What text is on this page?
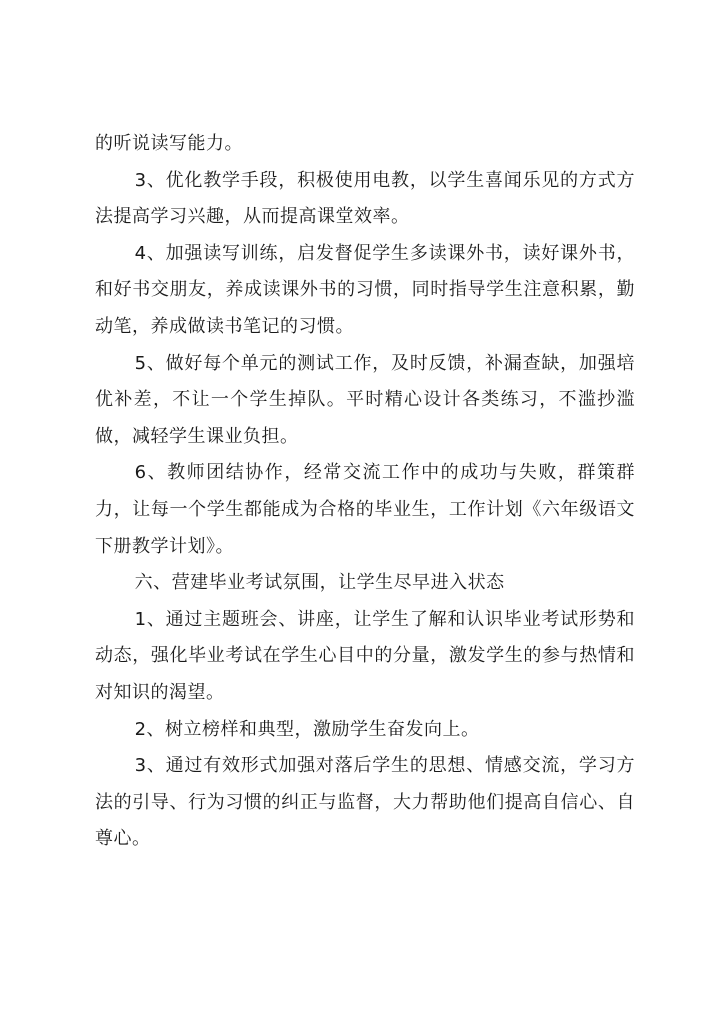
的听说读写能力。

3、优化教学手段，积极使用电教，以学生喜闻乐见的方式方法提高学习兴趣，从而提高课堂效率。

4、加强读写训练，启发督促学生多读课外书，读好课外书，和好书交朋友，养成读课外书的习惯，同时指导学生注意积累，勤动笔，养成做读书笔记的习惯。

5、做好每个单元的测试工作，及时反馈，补漏查缺，加强培优补差，不让一个学生掉队。平时精心设计各类练习，不滥抄滥做，减轻学生课业负担。

6、教师团结协作，经常交流工作中的成功与失败，群策群力，让每一个学生都能成为合格的毕业生，工作计划《六年级语文下册教学计划》。

六、营建毕业考试氛围，让学生尽早进入状态

1、通过主题班会、讲座，让学生了解和认识毕业考试形势和动态，强化毕业考试在学生心目中的分量，激发学生的参与热情和对知识的渴望。

2、树立榜样和典型，激励学生奋发向上。

3、通过有效形式加强对落后学生的思想、情感交流，学习方法的引导、行为习惯的纠正与监督，大力帮助他们提高自信心、自尊心。
